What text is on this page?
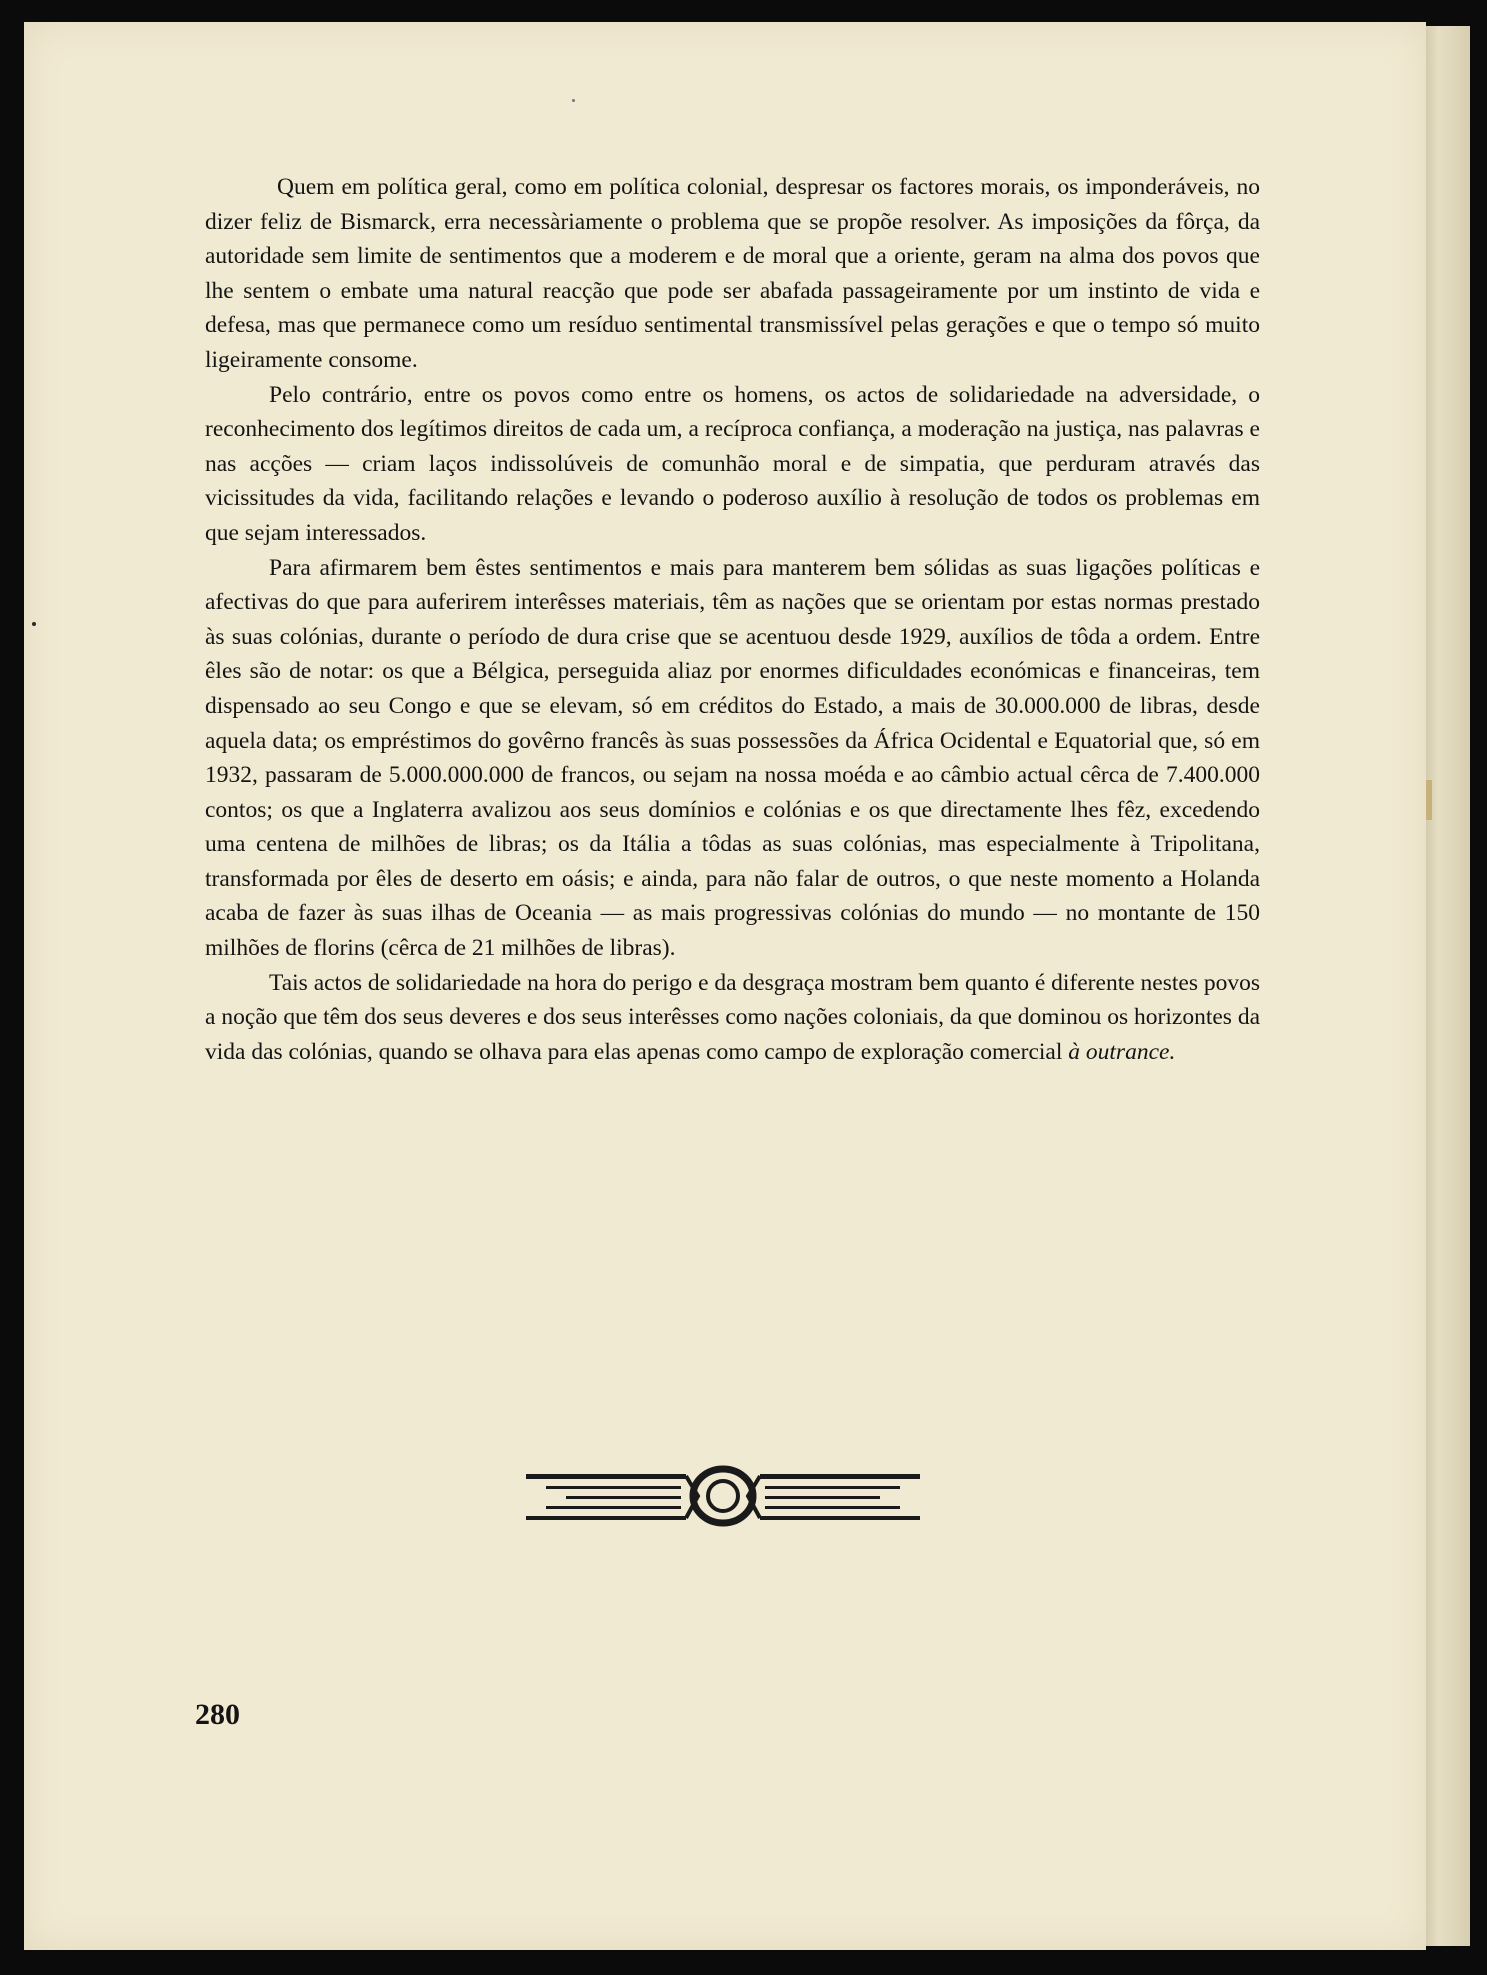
Quem em política geral, como em política colonial, despresar os factores morais, os imponderáveis, no dizer feliz de Bismarck, erra necessàriamente o problema que se propõe resolver. As imposições da fôrça, da autoridade sem limite de sentimentos que a moderem e de moral que a oriente, geram na alma dos povos que lhe sentem o embate uma natural reacção que pode ser abafada passageiramente por um instinto de vida e defesa, mas que permanece como um resíduo sentimental transmissível pelas gerações e que o tempo só muito ligeiramente consome.

Pelo contrário, entre os povos como entre os homens, os actos de solidariedade na adversidade, o reconhecimento dos legítimos direitos de cada um, a recíproca confiança, a moderação na justiça, nas palavras e nas acções — criam laços indissolúveis de comunhão moral e de simpatia, que perduram através das vicissitudes da vida, facilitando relações e levando o poderoso auxílio à resolução de todos os problemas em que sejam interessados.

Para afirmarem bem êstes sentimentos e mais para manterem bem sólidas as suas ligações políticas e afectivas do que para auferirem interêsses materiais, têm as nações que se orientam por estas normas prestado às suas colónias, durante o período de dura crise que se acentuou desde 1929, auxílios de tôda a ordem. Entre êles são de notar: os que a Bélgica, perseguida aliaz por enormes dificuldades económicas e financeiras, tem dispensado ao seu Congo e que se elevam, só em créditos do Estado, a mais de 30.000.000 de libras, desde aquela data; os empréstimos do govêrno francês às suas possessões da África Ocidental e Equatorial que, só em 1932, passaram de 5.000.000.000 de francos, ou sejam na nossa moéda e ao câmbio actual cêrca de 7.400.000 contos; os que a Inglaterra avalizou aos seus domínios e colónias e os que directamente lhes fêz, excedendo uma centena de milhões de libras; os da Itália a tôdas as suas colónias, mas especialmente à Tripolitana, transformada por êles de deserto em oásis; e ainda, para não falar de outros, o que neste momento a Holanda acaba de fazer às suas ilhas de Oceania — as mais progressivas colónias do mundo — no montante de 150 milhões de florins (cêrca de 21 milhões de libras).

Tais actos de solidariedade na hora do perigo e da desgraça mostram bem quanto é diferente nestes povos a noção que têm dos seus deveres e dos seus interêsses como nações coloniais, da que dominou os horizontes da vida das colónias, quando se olhava para elas apenas como campo de exploração comercial à outrance.

280
